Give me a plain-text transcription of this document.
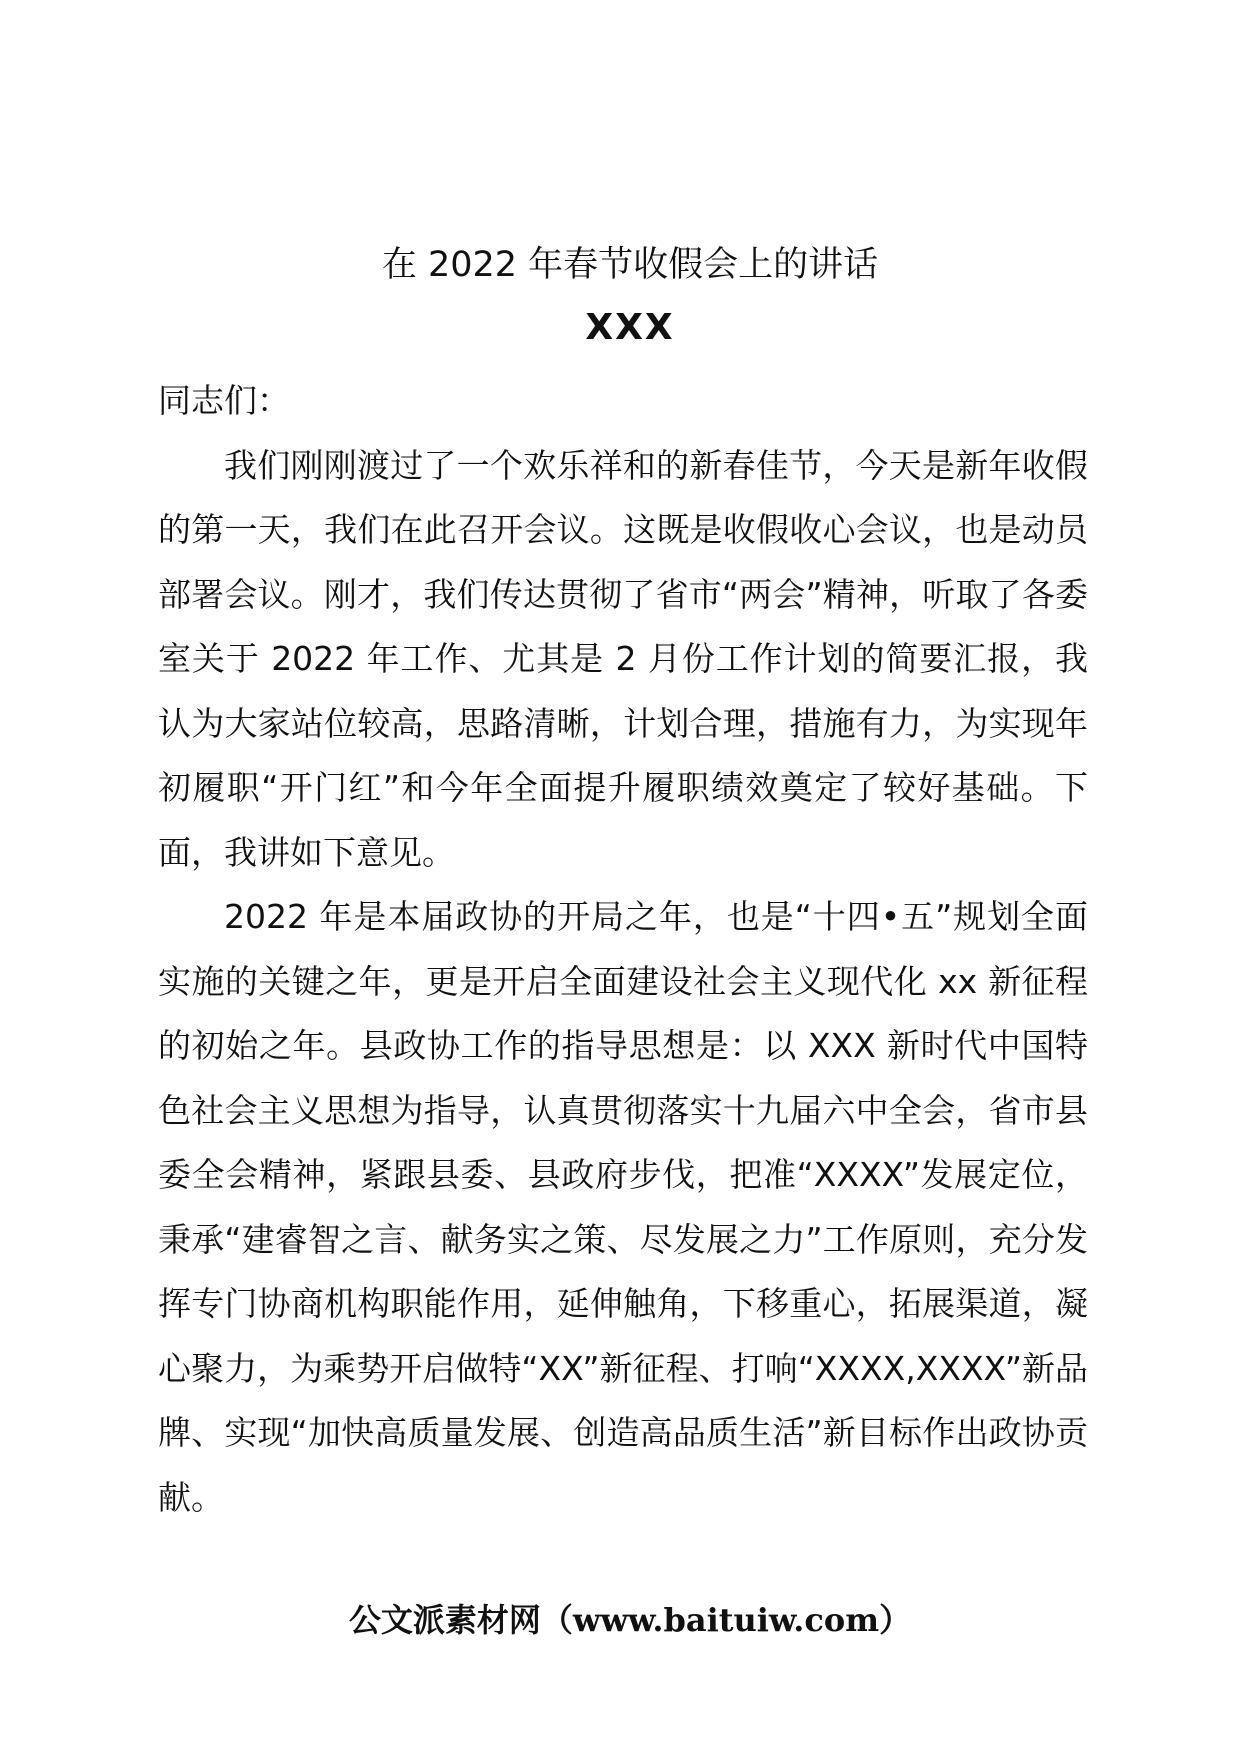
在 2022 年春节收假会上的讲话
XXX

同志们：

我们刚刚渡过了一个欢乐祥和的新春佳节，今天是新年收假的第一天，我们在此召开会议。这既是收假收心会议，也是动员部署会议。刚才，我们传达贯彻了省市“两会”精神，听取了各委室关于 2022 年工作、尤其是 2 月份工作计划的简要汇报，我认为大家站位较高，思路清晰，计划合理，措施有力，为实现年初履职“开门红”和今年全面提升履职绩效奠定了较好基础。下面，我讲如下意见。

2022 年是本届政协的开局之年，也是“十四•五”规划全面实施的关键之年，更是开启全面建设社会主义现代化 xx 新征程的初始之年。县政协工作的指导思想是：以 XXX 新时代中国特色社会主义思想为指导，认真贯彻落实十九届六中全会，省市县委全会精神，紧跟县委、县政府步伐，把准“XXXX”发展定位，秉承“建睿智之言、献务实之策、尽发展之力”工作原则，充分发挥专门协商机构职能作用，延伸触角，下移重心，拓展渠道，凝心聚力，为乘势开启做特“XX”新征程、打响“XXXX,XXXX”新品牌、实现“加快高质量发展、创造高品质生活”新目标作出政协贡献。

公文派素材网（www.baituiw.com）
